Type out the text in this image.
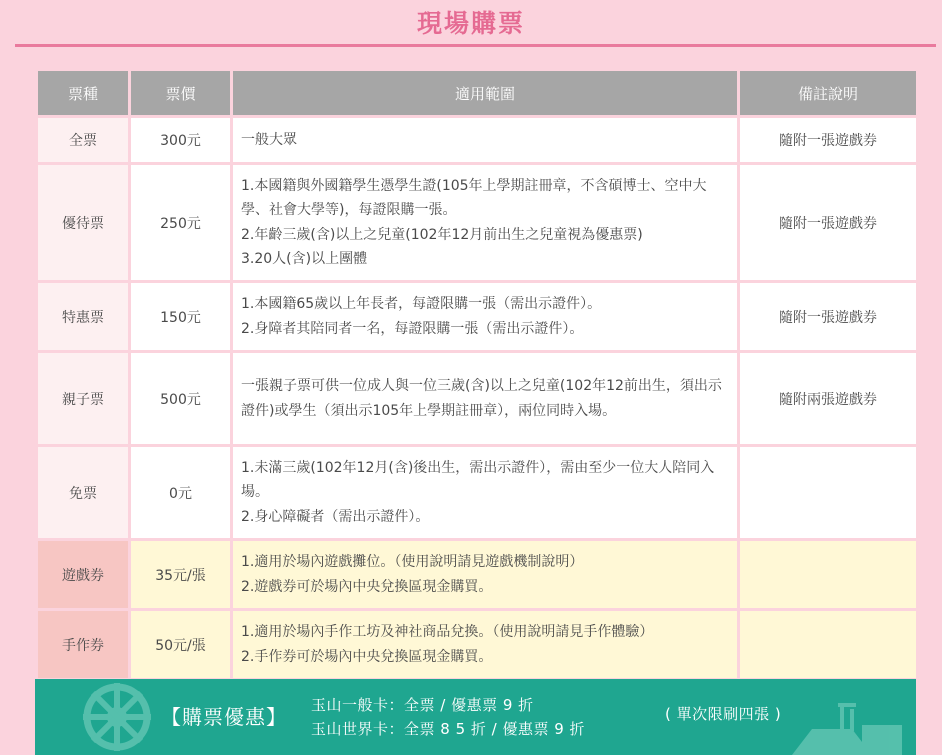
現場購票
票種	票價	適用範圍	備註說明
全票	300元	一般大眾	隨附一張遊戲券
優待票	250元	1.本國籍與外國籍學生憑學生證(105年上學期註冊章，不含碩博士、空中大學、社會大學等)，每證限購一張。
2.年齡三歲(含)以上之兒童(102年12月前出生之兒童視為優惠票)
3.20人(含)以上團體	隨附一張遊戲券
特惠票	150元	1.本國籍65歲以上年長者，每證限購一張（需出示證件）。
2.身障者其陪同者一名，每證限購一張（需出示證件）。	隨附一張遊戲券
親子票	500元	一張親子票可供一位成人與一位三歲(含)以上之兒童(102年12前出生，須出示證件)或學生（須出示105年上學期註冊章），兩位同時入場。	隨附兩張遊戲券
免票	0元	1.未滿三歲(102年12月(含)後出生，需出示證件），需由至少一位大人陪同入場。
2.身心障礙者（需出示證件）。	

遊戲券	35元/張	1.適用於場內遊戲攤位。（使用說明請見遊戲機制說明）
2.遊戲券可於場內中央兌換區現金購買。	

手作券	50元/張	1.適用於場內手作工坊及神社商品兌換。（使用說明請見手作體驗）
2.手作券可於場內中央兌換區現金購買。	

【購票優惠】 玉山一般卡：全票 / 優惠票 9 折
玉山世界卡：全票 8 5 折 / 優惠票 9 折
( 單次限刷四張 )
